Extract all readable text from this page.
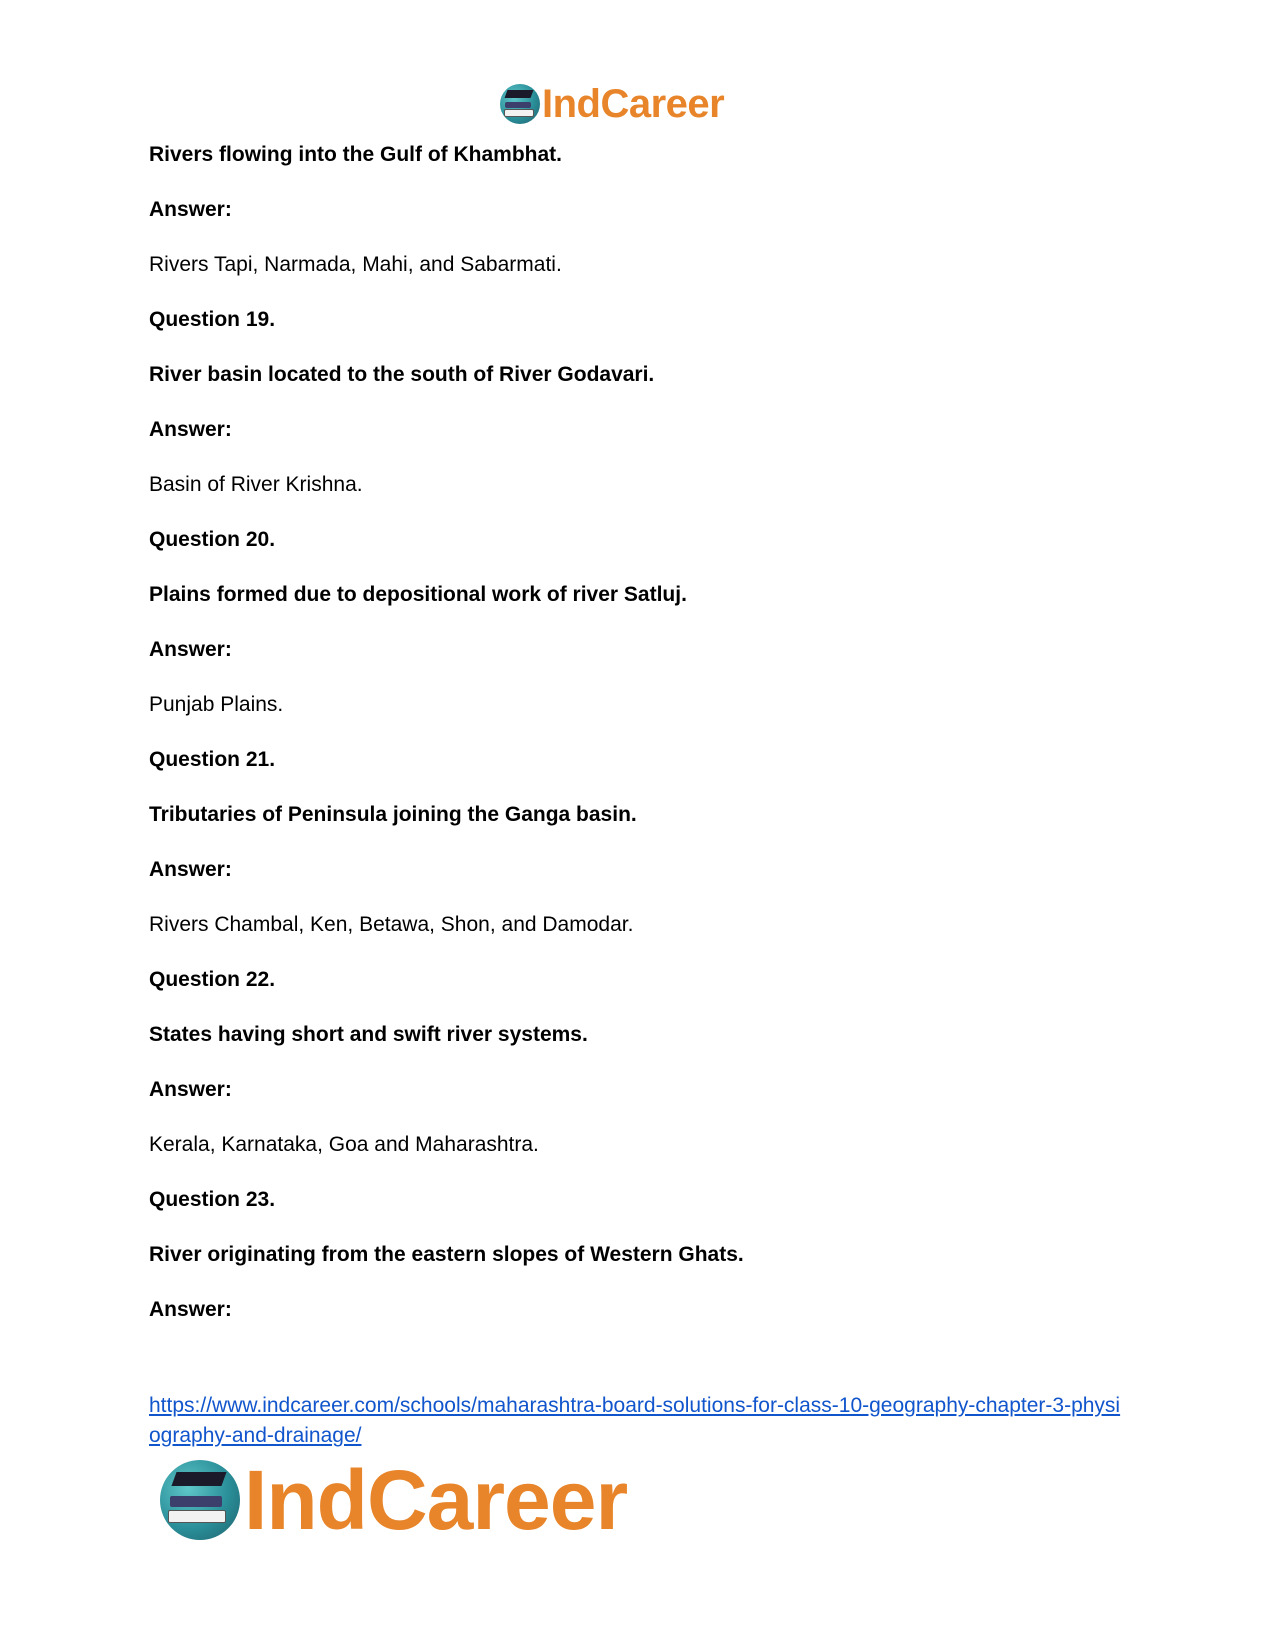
IndCareer
Rivers flowing into the Gulf of Khambhat.
Answer:
Rivers Tapi, Narmada, Mahi, and Sabarmati.
Question 19.
River basin located to the south of River Godavari.
Answer:
Basin of River Krishna.
Question 20.
Plains formed due to depositional work of river Satluj.
Answer:
Punjab Plains.
Question 21.
Tributaries of Peninsula joining the Ganga basin.
Answer:
Rivers Chambal, Ken, Betawa, Shon, and Damodar.
Question 22.
States having short and swift river systems.
Answer:
Kerala, Karnataka, Goa and Maharashtra.
Question 23.
River originating from the eastern slopes of Western Ghats.
Answer:
https://www.indcareer.com/schools/maharashtra-board-solutions-for-class-10-geography-chapter-3-physiography-and-drainage/
IndCareer
